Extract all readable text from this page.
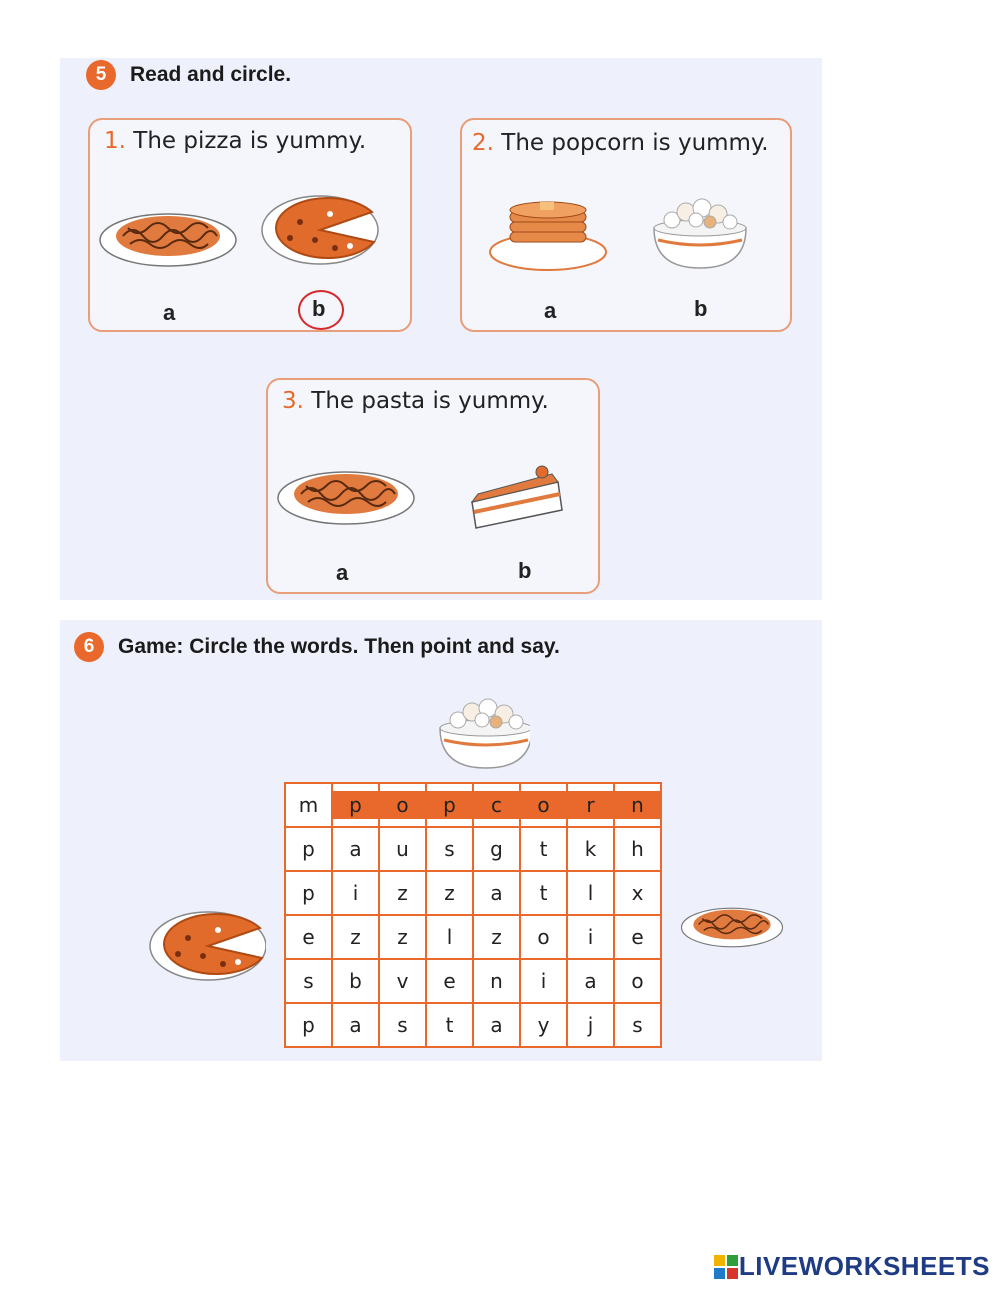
5	Read and circle.
1. The pizza is yummy.
a	b
2. The popcorn is yummy.
a	b
3. The pasta is yummy.
a	b
6	Game: Circle the words. Then point and say.
m	p	o	p	c	o	r	n
p	a	u	s	g	t	k	h
p	i	z	z	a	t	l	x
e	z	z	l	z	o	i	e
s	b	v	e	n	i	a	o
p	a	s	t	a	y	j	s
LIVEWORKSHEETS
